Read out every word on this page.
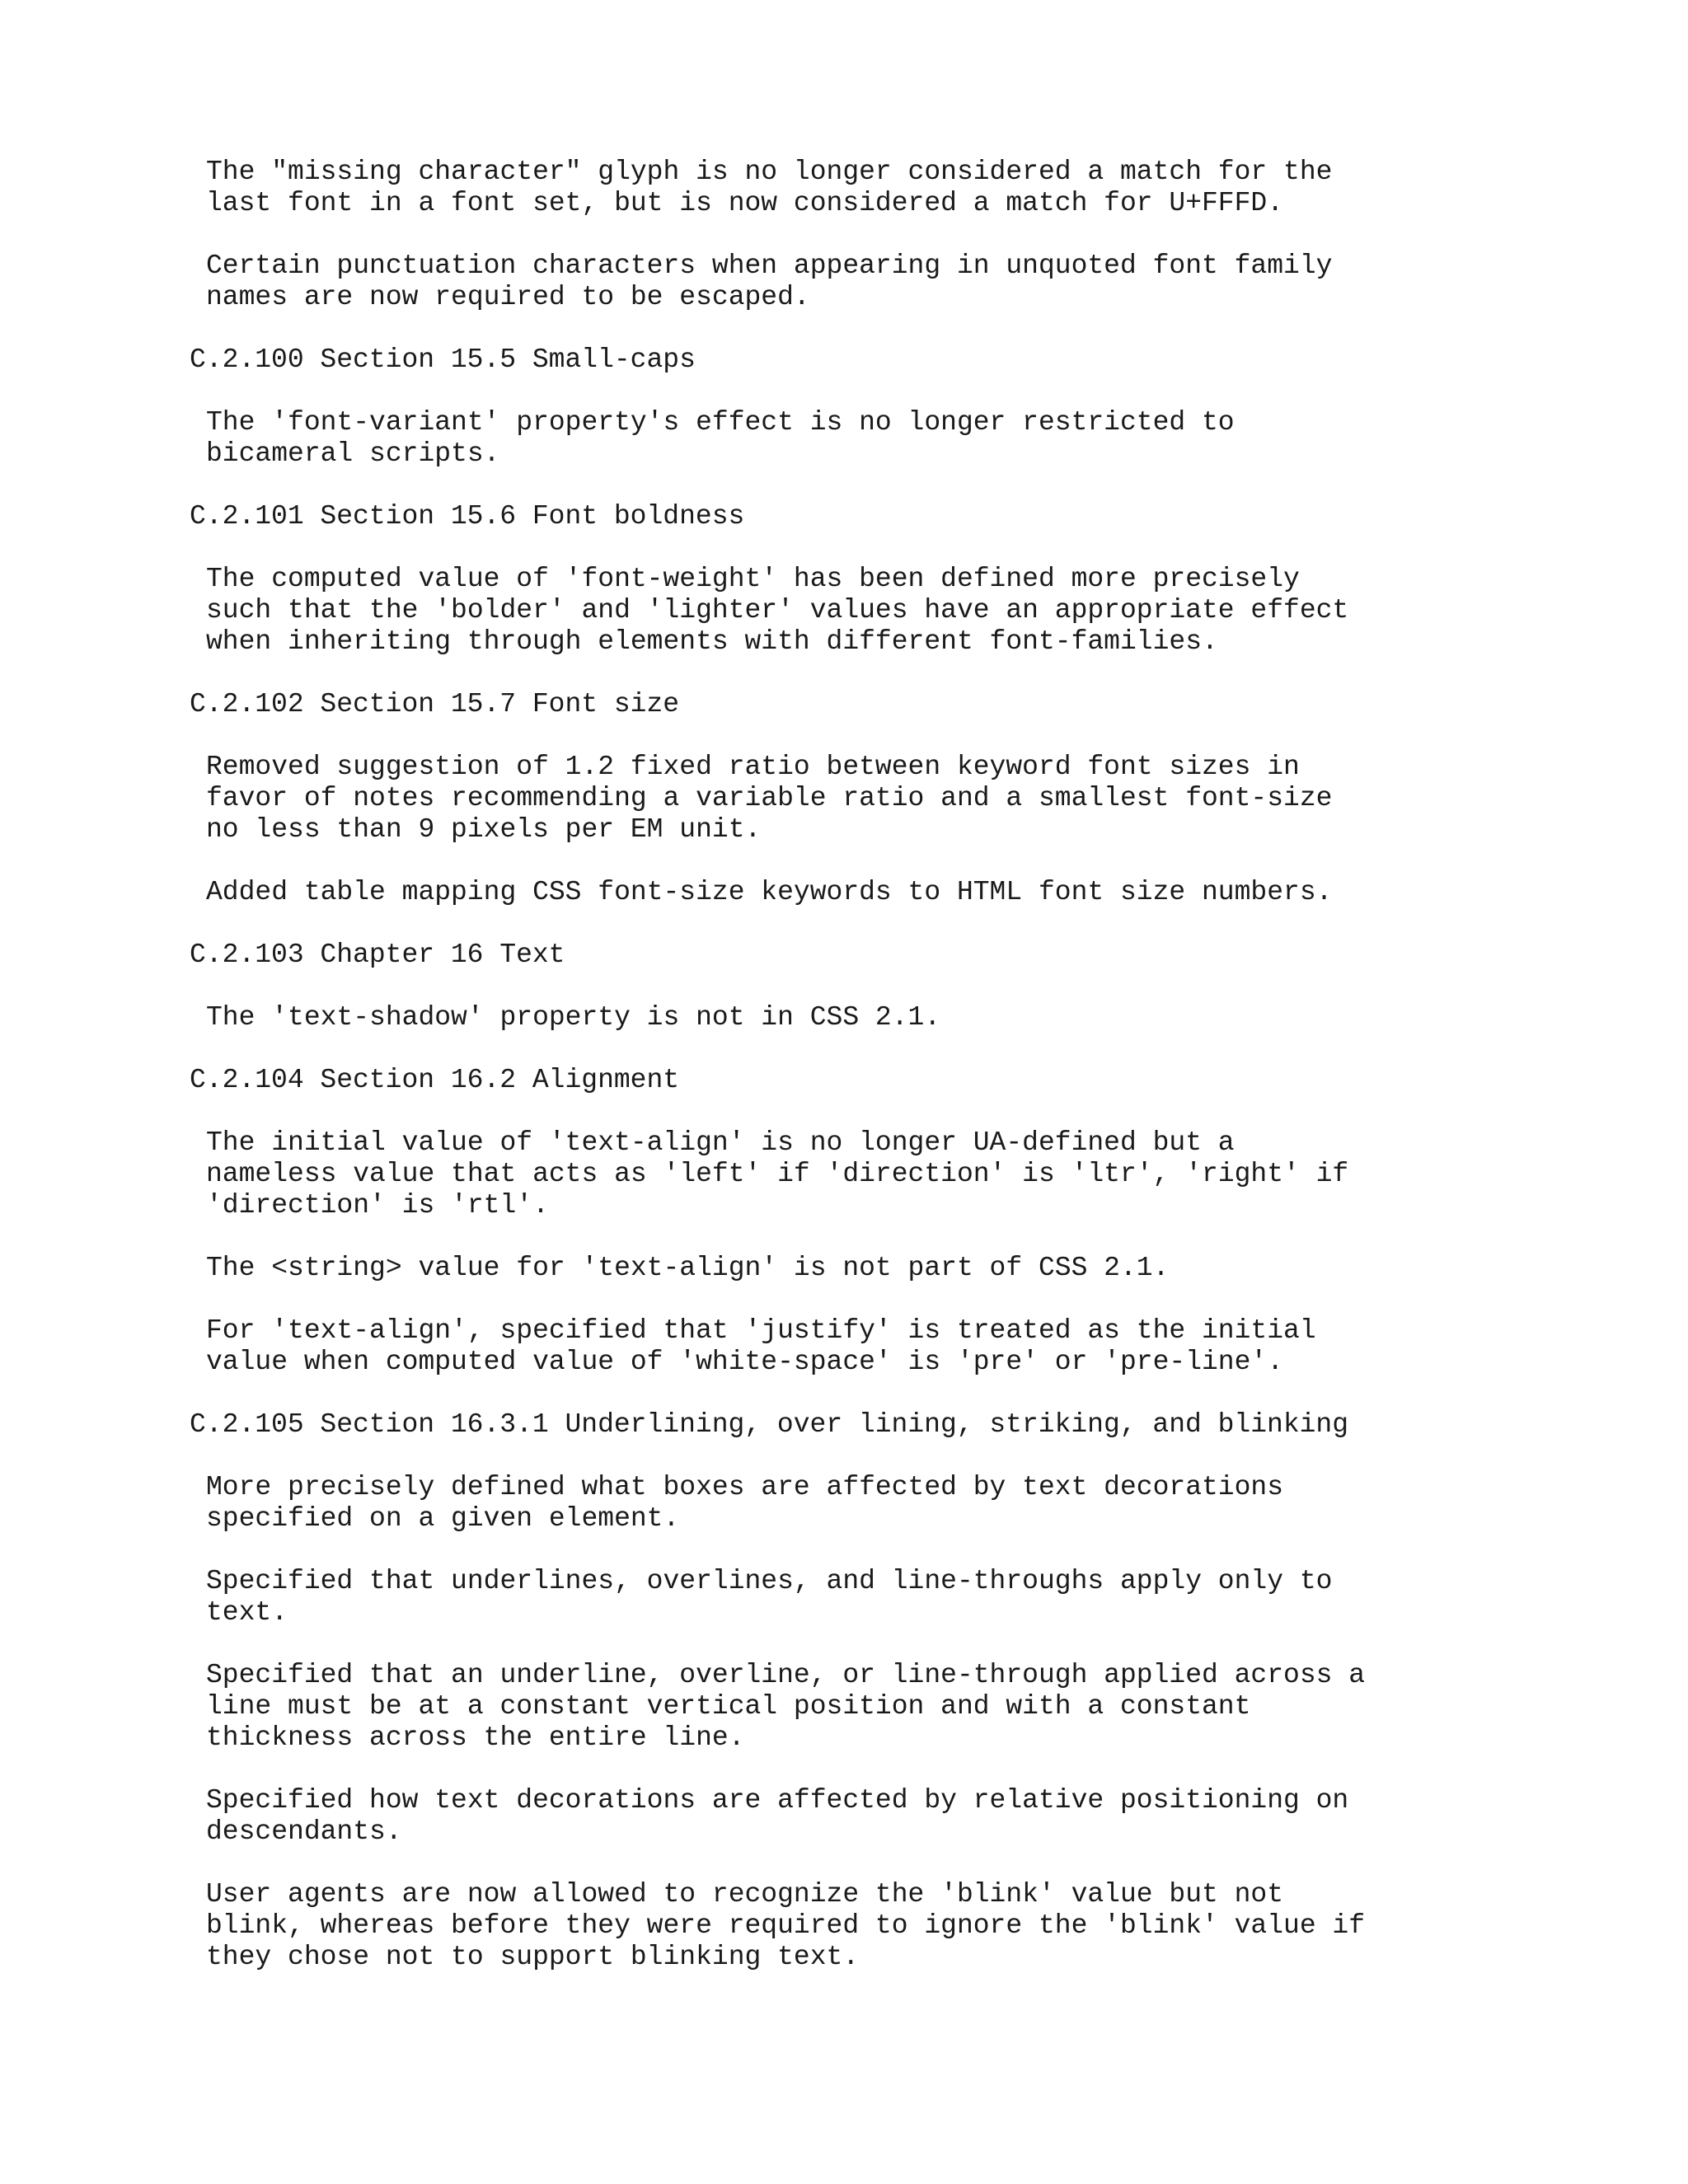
The "missing character" glyph is no longer considered a match for the
last font in a font set, but is now considered a match for U+FFFD.
Certain punctuation characters when appearing in unquoted font family
names are now required to be escaped.
C.2.100 Section 15.5 Small-caps
The 'font-variant' property's effect is no longer restricted to
bicameral scripts.
C.2.101 Section 15.6 Font boldness
The computed value of 'font-weight' has been defined more precisely
such that the 'bolder' and 'lighter' values have an appropriate effect
when inheriting through elements with different font-families.
C.2.102 Section 15.7 Font size
Removed suggestion of 1.2 fixed ratio between keyword font sizes in
favor of notes recommending a variable ratio and a smallest font-size
no less than 9 pixels per EM unit.
Added table mapping CSS font-size keywords to HTML font size numbers.
C.2.103 Chapter 16 Text
The 'text-shadow' property is not in CSS 2.1.
C.2.104 Section 16.2 Alignment
The initial value of 'text-align' is no longer UA-defined but a
nameless value that acts as 'left' if 'direction' is 'ltr', 'right' if
'direction' is 'rtl'.
The <string> value for 'text-align' is not part of CSS 2.1.
For 'text-align', specified that 'justify' is treated as the initial
value when computed value of 'white-space' is 'pre' or 'pre-line'.
C.2.105 Section 16.3.1 Underlining, over lining, striking, and blinking
More precisely defined what boxes are affected by text decorations
specified on a given element.
Specified that underlines, overlines, and line-throughs apply only to
text.
Specified that an underline, overline, or line-through applied across a
line must be at a constant vertical position and with a constant
thickness across the entire line.
Specified how text decorations are affected by relative positioning on
descendants.
User agents are now allowed to recognize the 'blink' value but not
blink, whereas before they were required to ignore the 'blink' value if
they chose not to support blinking text.
